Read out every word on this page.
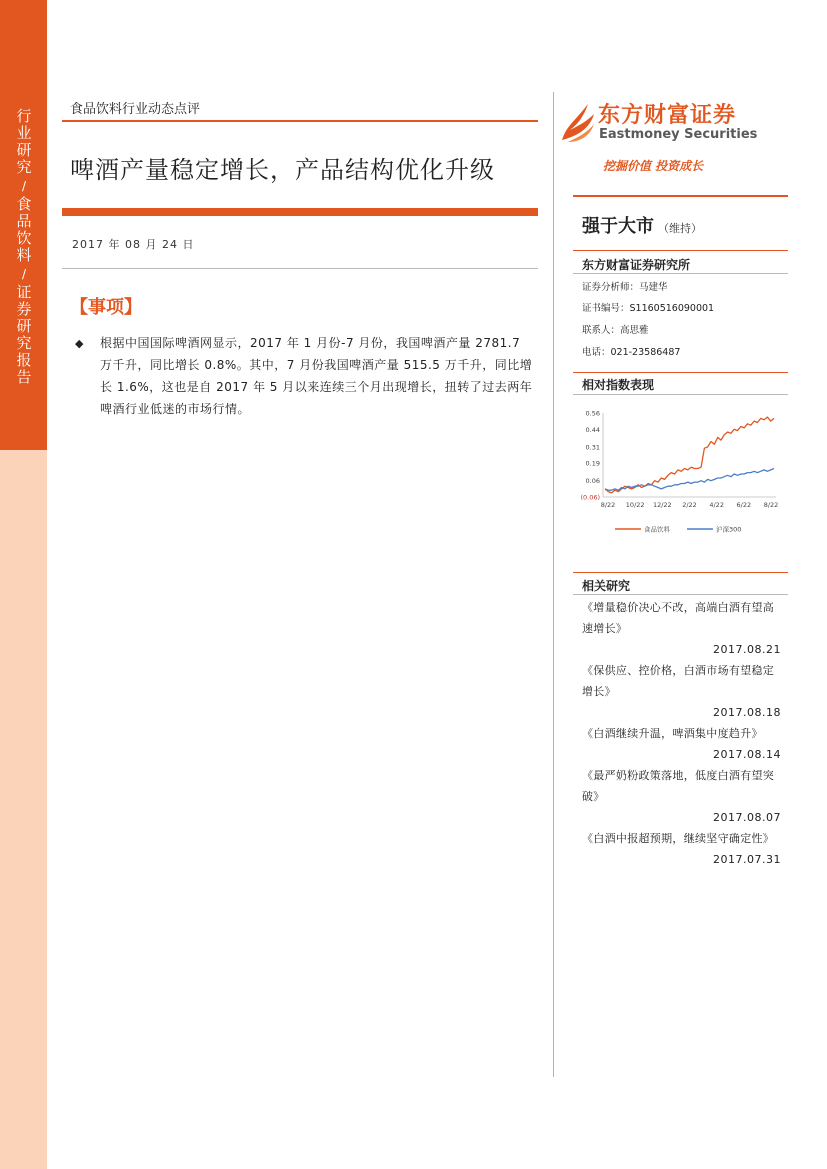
行
业
研
究
/
食
品
饮
料
/
证
券
研
究
报
告
食品饮料行业动态点评
啤酒产量稳定增长，产品结构优化升级
2017 年 08 月 24 日
【事项】
◆ 根据中国国际啤酒网显示，2017 年 1 月份-7 月份，我国啤酒产量 2781.7 万千升，同比增长 0.8%。其中，7 月份我国啤酒产量 515.5 万千升，同比增长 1.6%，这也是自 2017 年 5 月以来连续三个月出现增长，扭转了过去两年啤酒行业低迷的市场行情。
东方财富证券
Eastmoney Securities
挖掘价值 投资成长
强于大市 （维持）
东方财富证券研究所
证券分析师：马建华
证书编号：S1160516090001
联系人：高思雅
电话：021-23586487
相对指数表现
0.56
0.44
0.31
0.19
0.06
(0.06)
8/22 10/22 12/22 2/22 4/22 6/22 8/22
食品饮料	沪深300
相关研究
《增量稳价决心不改，高端白酒有望高速增长》
2017.08.21
《保供应、控价格，白酒市场有望稳定增长》
2017.08.18
《白酒继续升温，啤酒集中度趋升》
2017.08.14
《最严奶粉政策落地，低度白酒有望突破》
2017.08.07
《白酒中报超预期，继续坚守确定性》
2017.07.31
